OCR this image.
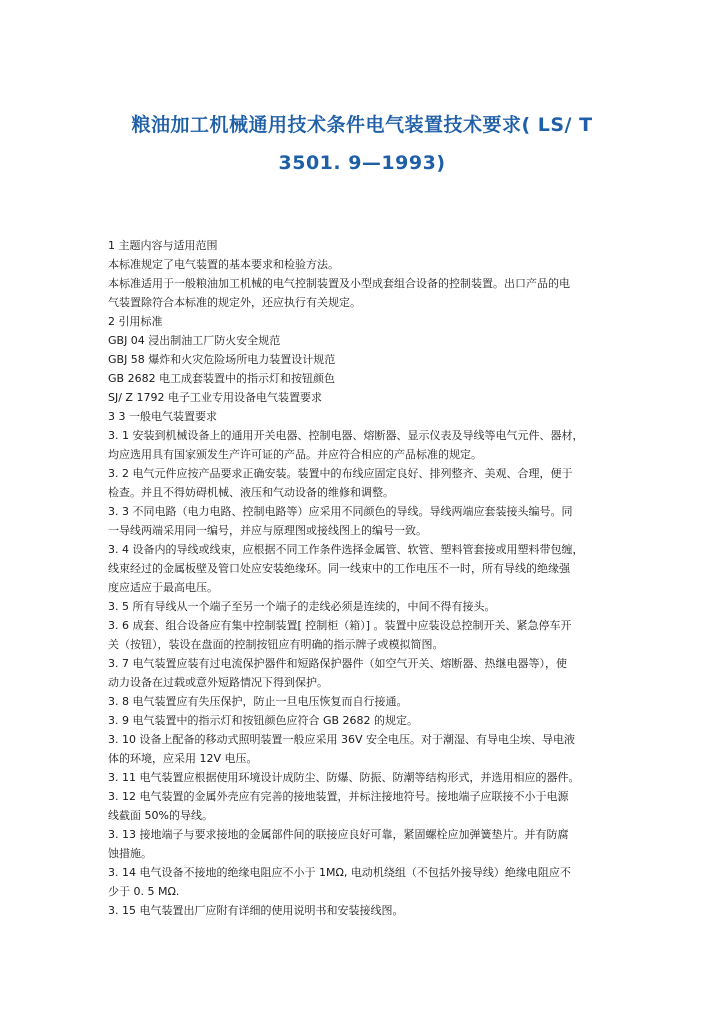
粮油加工机械通用技术条件电气装置技术要求( LS/ T
3501. 9—1993)

1 主题内容与适用范围

本标准规定了电气装置的基本要求和检验方法。

本标准适用于一般粮油加工机械的电气控制装置及小型成套组合设备的控制装置。出口产品的电

气装置除符合本标准的规定外，还应执行有关规定。

2 引用标准

GBJ 04 浸出制油工厂防火安全规范

GBJ 58 爆炸和火灾危险场所电力装置设计规范

GB 2682 电工成套装置中的指示灯和按钮颜色

SJ/ Z 1792 电子工业专用设备电气装置要求

3 3 一般电气装置要求

3. 1 安装到机械设备上的通用开关电器、控制电器、熔断器、显示仪表及导线等电气元件、器材，

均应选用具有国家颁发生产许可证的产品。并应符合相应的产品标准的规定。

3. 2 电气元件应按产品要求正确安装。装置中的布线应固定良好、排列整齐、美观、合理，便于

检查。并且不得妨碍机械、液压和气动设备的维修和调整。

3. 3 不同电路（电力电路、控制电路等）应采用不同颜色的导线。导线两端应套装接头编号。同

一导线两端采用同一编号，并应与原理图或接线图上的编号一致。

3. 4 设备内的导线或线束，应根据不同工作条件选择金属管、软管、塑料管套接或用塑料带包缠，

线束经过的金属板壁及管口处应安装绝缘环。同一线束中的工作电压不一时，所有导线的绝缘强

度应适应于最高电压。

3. 5 所有导线从一个端子至另一个端子的走线必须是连续的，中间不得有接头。

3. 6 成套、组合设备应有集中控制装置[ 控制柜（箱）] 。装置中应装设总控制开关、紧急停车开

关（按钮），装设在盘面的控制按钮应有明确的指示牌子或模拟简图。

3. 7 电气装置应装有过电流保护器件和短路保护器件（如空气开关、熔断器、热继电器等），使

动力设备在过载或意外短路情况下得到保护。

3. 8 电气装置应有失压保护，防止一旦电压恢复而自行接通。

3. 9 电气装置中的指示灯和按钮颜色应符合 GB 2682 的规定。

3. 10 设备上配备的移动式照明装置一般应采用 36V 安全电压。对于潮湿、有导电尘埃、导电液

体的环境，应采用 12V 电压。

3. 11 电气装置应根据使用环境设计成防尘、防爆、防振、防潮等结构形式，并选用相应的器件。

3. 12 电气装置的金属外壳应有完善的接地装置，并标注接地符号。接地端子应联接不小于电源

线截面 50%的导线。

3. 13 接地端子与要求接地的金属部件间的联接应良好可靠，紧固螺栓应加弹簧垫片。并有防腐

蚀措施。

3. 14 电气设备不接地的绝缘电阻应不小于 1MΩ, 电动机绕组（不包括外接导线）绝缘电阻应不

少于 0. 5 MΩ.

3. 15 电气装置出厂应附有详细的使用说明书和安装接线图。
